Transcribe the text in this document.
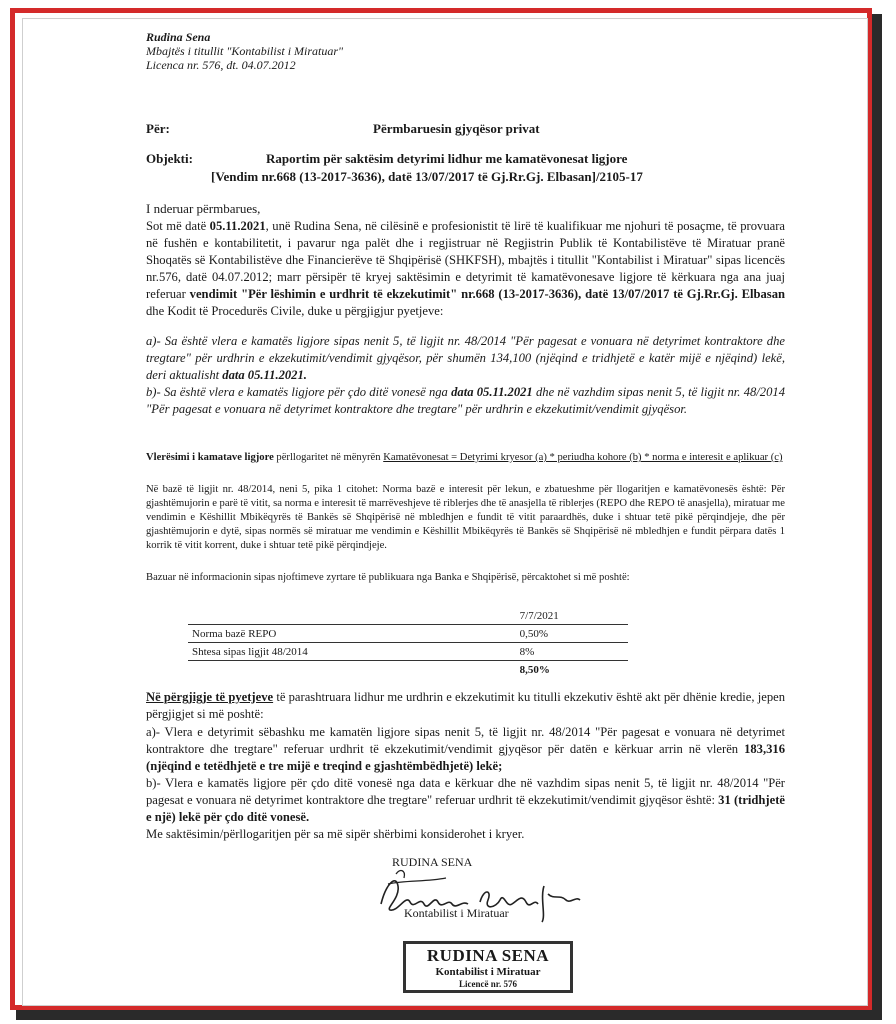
Rudina Sena
Mbajtës i titullit "Kontabilist i Miratuar"
Licenca nr. 576, dt. 04.07.2012
Për:	Përmbaruesin gjyqësor privat
Objekti:	Raportim për saktësim detyrimi lidhur me kamatëvonesat ligjore
[Vendim nr.668 (13-2017-3636), datë 13/07/2017 të Gj.Rr.Gj. Elbasan]/2105-17
I nderuar përmbarues,
Sot më datë 05.11.2021, unë Rudina Sena, në cilësinë e profesionistit të lirë të kualifikuar me njohuri të posaçme, të provuara në fushën e kontabilitetit, i pavarur nga palët dhe i regjistruar në Regjistrin Publik të Kontabilistëve të Miratuar pranë Shoqatës së Kontabilistëve dhe Financierëve të Shqipërisë (SHKFSH), mbajtës i titullit "Kontabilist i Miratuar" sipas licencës nr.576, datë 04.07.2012; marr përsipër të kryej saktësimin e detyrimit të kamatëvonesave ligjore të kërkuara nga ana juaj referuar vendimit "Për lëshimin e urdhrit të ekzekutimit" nr.668 (13-2017-3636), datë 13/07/2017 të Gj.Rr.Gj. Elbasan dhe Kodit të Procedurës Civile, duke u përgjigjur pyetjeve:
a)- Sa është vlera e kamatës ligjore sipas nenit 5, të ligjit nr. 48/2014 "Për pagesat e vonuara në detyrimet kontraktore dhe tregtare" për urdhrin e ekzekutimit/vendimit gjyqësor, për shumën 134,100 (njëqind e tridhjetë e katër mijë e njëqind) lekë, deri aktualisht data 05.11.2021.
b)- Sa është vlera e kamatës ligjore për çdo ditë vonesë nga data 05.11.2021 dhe në vazhdim sipas nenit 5, të ligjit nr. 48/2014 "Për pagesat e vonuara në detyrimet kontraktore dhe tregtare" për urdhrin e ekzekutimit/vendimit gjyqësor.
Vlerësimi i kamatave ligjore përllogaritet në mënyrën Kamatëvonesat = Detyrimi kryesor (a) * periudha kohore (b) * norma e interesit e aplikuar (c)
Në bazë të ligjit nr. 48/2014, neni 5, pika 1 citohet: Norma bazë e interesit për lekun, e zbatueshme për llogaritjen e kamatëvonesës është: Për gjashtëmujorin e parë të vitit, sa norma e interesit të marrëveshjeve të riblerjes dhe të anasjella të riblerjes (REPO dhe REPO të anasjella), miratuar me vendimin e Këshillit Mbikëqyrës të Bankës së Shqipërisë në mbledhjen e fundit të vitit paraardhës, duke i shtuar tetë pikë përqindjeje, dhe për gjashtëmujorin e dytë, sipas normës së miratuar me vendimin e Këshillit Mbikëqyrës të Bankës së Shqipërisë në mbledhjen e fundit përpara datës 1 korrik të vitit korrent, duke i shtuar tetë pikë përqindjeje.
Bazuar në informacionin sipas njoftimeve zyrtare të publikuara nga Banka e Shqipërisë, përcaktohet si më poshtë:
	7/7/2021
Norma bazë REPO	0,50%
Shtesa sipas ligjit 48/2014	8%
	8,50%
Në përgjigje të pyetjeve të parashtruara lidhur me urdhrin e ekzekutimit ku titulli ekzekutiv është akt për dhënie kredie, jepen përgjigjet si më poshtë:
a)- Vlera e detyrimit sëbashku me kamatën ligjore sipas nenit 5, të ligjit nr. 48/2014 "Për pagesat e vonuara në detyrimet kontraktore dhe tregtare" referuar urdhrit të ekzekutimit/vendimit gjyqësor për datën e kërkuar arrin në vlerën 183,316 (njëqind e tetëdhjetë e tre mijë e treqind e gjashtëmbëdhjetë) lekë;
b)- Vlera e kamatës ligjore për çdo ditë vonesë nga data e kërkuar dhe në vazhdim sipas nenit 5, të ligjit nr. 48/2014 "Për pagesat e vonuara në detyrimet kontraktore dhe tregtare" referuar urdhrit të ekzekutimit/vendimit gjyqësor është: 31 (tridhjetë e një) lekë për çdo ditë vonesë.
Me saktësimin/përllogaritjen për sa më sipër shërbimi konsiderohet i kryer.
RUDINA SENA
Kontabilist i Miratuar
RUDINA SENA
Kontabilist i Miratuar
Licencë nr. 576
